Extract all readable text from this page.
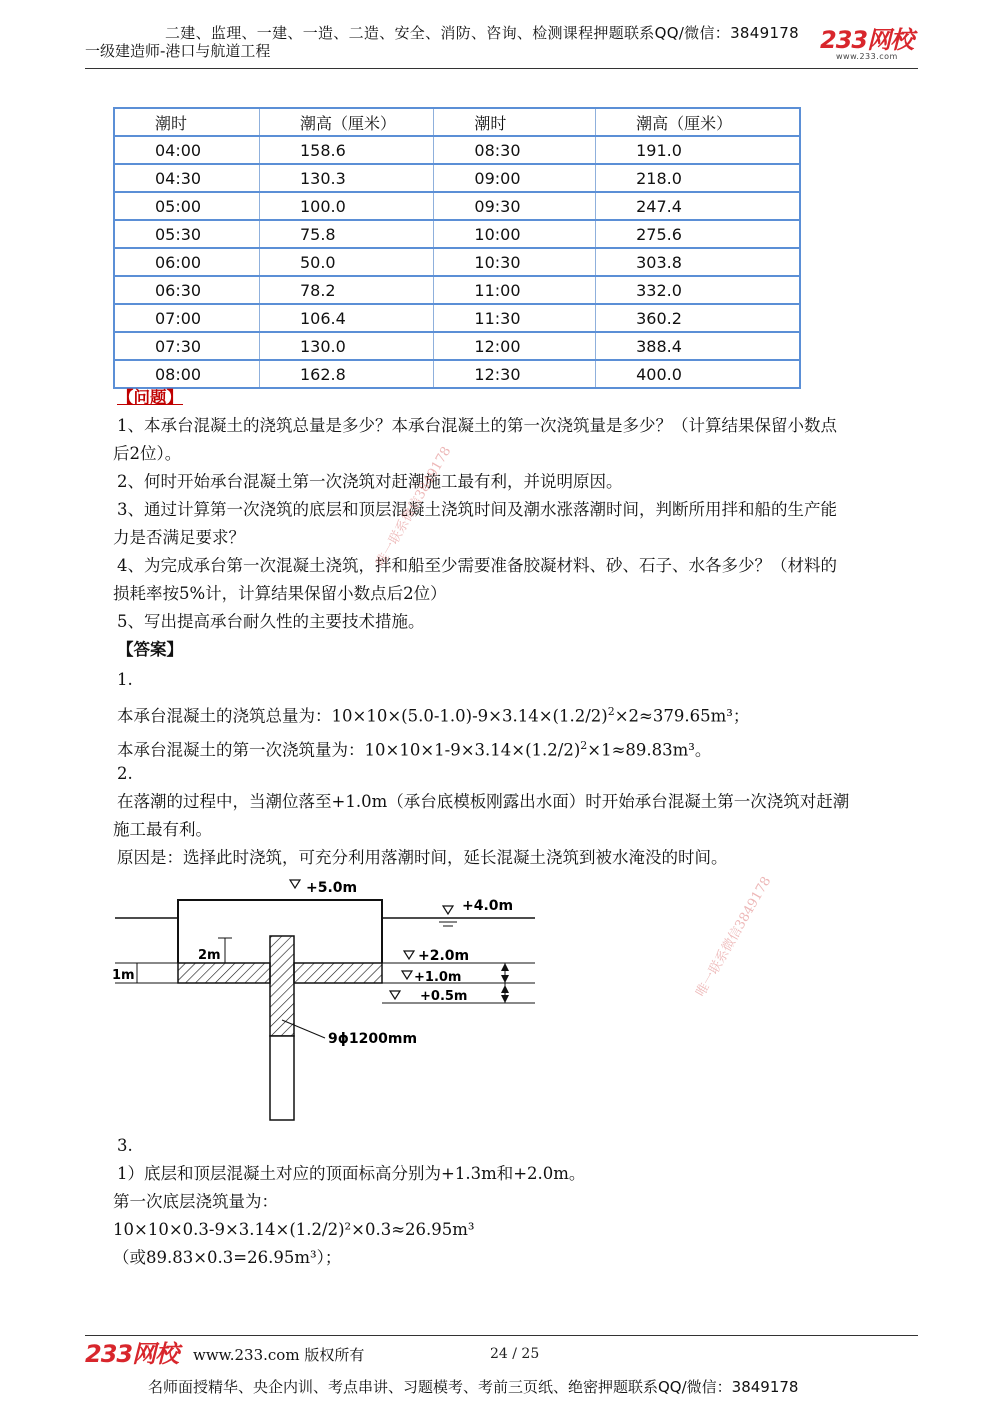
二建、监理、一建、一造、二造、安全、消防、咨询、检测课程押题联系QQ/微信：3849178
一级建造师-港口与航道工程	233网校
www.233.com
潮时	潮高（厘米）	潮时	潮高（厘米）
04:00	158.6	08:30	191.0
04:30	130.3	09:00	218.0
05:00	100.0	09:30	247.4
05:30	75.8	10:00	275.6
06:00	50.0	10:30	303.8
06:30	78.2	11:00	332.0
07:00	106.4	11:30	360.2
07:30	130.0	12:00	388.4
08:00	162.8	12:30	400.0
【问题】
1、本承台混凝土的浇筑总量是多少？本承台混凝土的第一次浇筑量是多少？（计算结果保留小数点
后2位）。
2、何时开始承台混凝土第一次浇筑对赶潮施工最有利，并说明原因。
3、通过计算第一次浇筑的底层和顶层混凝土浇筑时间及潮水涨落潮时间，判断所用拌和船的生产能
力是否满足要求？
4、为完成承台第一次混凝土浇筑，拌和船至少需要准备胶凝材料、砂、石子、水各多少？（材料的
损耗率按5%计，计算结果保留小数点后2位）
5、写出提高承台耐久性的主要技术措施。
【答案】
1.
本承台混凝土的浇筑总量为：$10\times 10\times(5.0-1.0)-9\times 3.14\times(1.2/2)^2\times 2\approx 379.65m^3$；
本承台混凝土的第一次浇筑量为：$10\times 10\times 1-9\times 3.14\times(1.2/2)^2\times 1\approx 89.83m^3$。
2.
在落潮的过程中，当潮位落至+1.0m（承台底模板刚露出水面）时开始承台混凝土第一次浇筑对赶潮
施工最有利。
原因是：选择此时浇筑，可充分利用落潮时间，延长混凝土浇筑到被水淹没的时间。
+5.0m
+4.0m
2m
1m
+2.0m
+1.0m
+0.5m
9ϕ1200mm
3.
1）底层和顶层混凝土对应的顶面标高分别为+1.3m和+2.0m。
第一次底层浇筑量为：
10×10×0.3-9×3.14×(1.2/2)²×0.3≈26.95m³
（或89.83×0.3=26.95m³）；
唯一联系微信3849178
唯一联系微信3849178
233网校 www.233.com 版权所有	24 / 25
名师面授精华、央企内训、考点串讲、习题模考、考前三页纸、绝密押题联系QQ/微信：3849178
